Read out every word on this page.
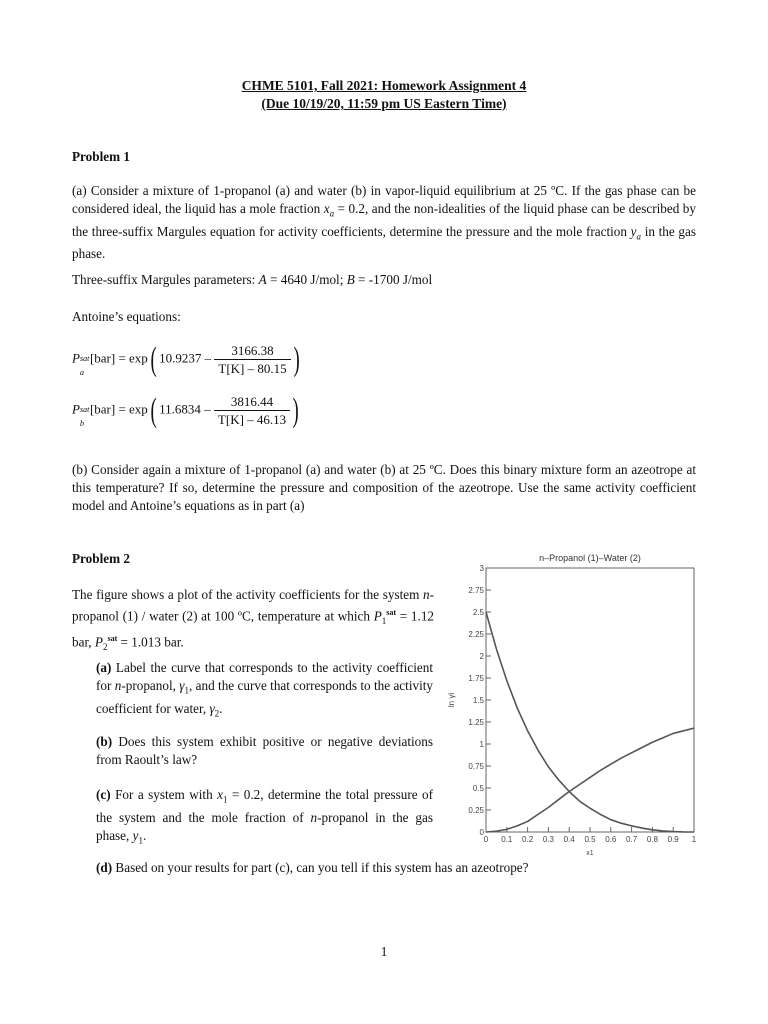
CHME 5101, Fall 2021: Homework Assignment 4
(Due 10/19/20, 11:59 pm US Eastern Time)
Problem 1
(a) Consider a mixture of 1-propanol (a) and water (b) in vapor-liquid equilibrium at 25 ºC. If the gas phase can be considered ideal, the liquid has a mole fraction $x_a = 0.2$, and the non-idealities of the liquid phase can be described by the three-suffix Margules equation for activity coefficients, determine the pressure and the mole fraction $y_a$ in the gas phase.
Three-suffix Margules parameters: A = 4640 J/mol; B = -1700 J/mol
Antoine’s equations:
P sat
a
[bar] = exp( $10.9237 - \frac{3166.38}{T[K] - 80.15}$ )
P sat
b
[bar] = exp( $11.6834 - \frac{3816.44}{T[K] - 46.13}$ )
(b) Consider again a mixture of 1-propanol (a) and water (b) at 25 ºC. Does this binary mixture form an azeotrope at this temperature? If so, determine the pressure and composition of the azeotrope. Use the same activity coefficient model and Antoine’s equations as in part (a)
Problem 2
The figure shows a plot of the activity coefficients for the system n-propanol (1) / water (2) at 100 ºC, temperature at which $P_1^{sat} = 1.12$ bar, $P_2^{sat} = 1.013$ bar.
(a) Label the curve that corresponds to the activity coefficient for n-propanol, $\gamma_1$, and the curve that corresponds to the activity coefficient for water, $\gamma_2$.
(b) Does this system exhibit positive or negative deviations from Raoult’s law?
(c) For a system with $x_1 = 0.2$, determine the total pressure of the system and the mole fraction of n-propanol in the gas phase, $y_1$.
(d) Based on your results for part (c), can you tell if this system has an azeotrope?
n–Propanol (1)–Water (2)
0
0.25
0.5
0.75
1
1.25
1.5
1.75
2
2.25
2.5
2.75
3
0 0.1 0.2 0.3 0.4 0.5 0.6 0.7 0.8 0.9 1
ln γi
x1
1
